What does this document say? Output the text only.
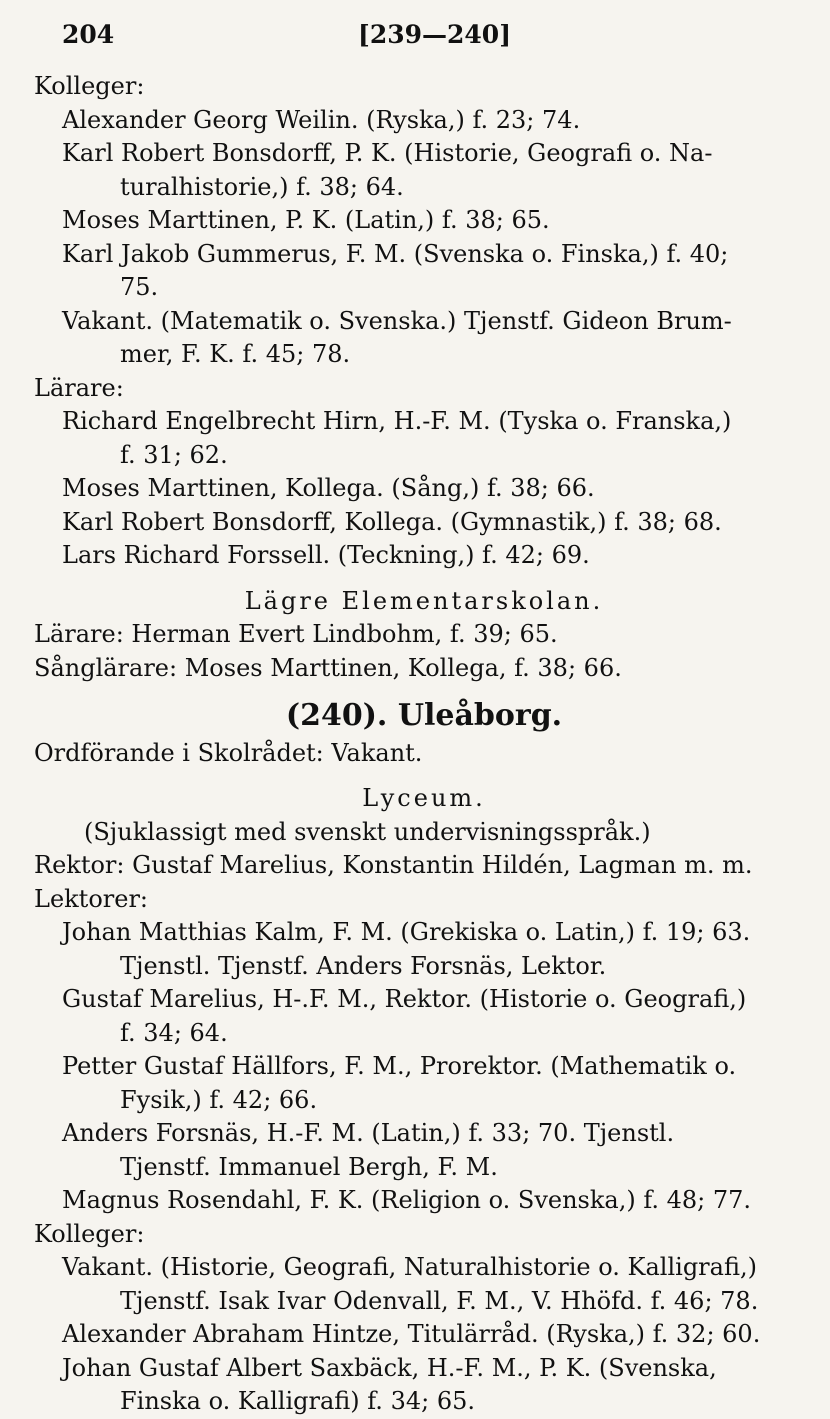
204	[239—240]
Kolleger:
Alexander Georg Weilin. (Ryska,) f. 23; 74.
Karl Robert Bonsdorff, P. K. (Historie, Geografi o. Na-
turalhistorie,) f. 38; 64.
Moses Marttinen, P. K. (Latin,) f. 38; 65.
Karl Jakob Gummerus, F. M. (Svenska o. Finska,) f. 40;
75.
Vakant. (Matematik o. Svenska.) Tjenstf. Gideon Brum-
mer, F. K. f. 45; 78.
Lärare:
Richard Engelbrecht Hirn, H.-F. M. (Tyska o. Franska,)
f. 31; 62.
Moses Marttinen, Kollega. (Sång,) f. 38; 66.
Karl Robert Bonsdorff, Kollega. (Gymnastik,) f. 38; 68.
Lars Richard Forssell. (Teckning,) f. 42; 69.
Lägre Elementarskolan.
Lärare: Herman Evert Lindbohm, f. 39; 65.
Sånglärare: Moses Marttinen, Kollega, f. 38; 66.
(240). Uleåborg.
Ordförande i Skolrådet: Vakant.
Lyceum.
(Sjuklassigt med svenskt undervisningsspråk.)
Rektor: Gustaf Marelius, Konstantin Hildén, Lagman m. m.
Lektorer:
Johan Matthias Kalm, F. M. (Grekiska o. Latin,) f. 19; 63.
Tjenstl. Tjenstf. Anders Forsnäs, Lektor.
Gustaf Marelius, H-.F. M., Rektor. (Historie o. Geografi,)
f. 34; 64.
Petter Gustaf Hällfors, F. M., Prorektor. (Mathematik o.
Fysik,) f. 42; 66.
Anders Forsnäs, H.-F. M. (Latin,) f. 33; 70. Tjenstl.
Tjenstf. Immanuel Bergh, F. M.
Magnus Rosendahl, F. K. (Religion o. Svenska,) f. 48; 77.
Kolleger:
Vakant. (Historie, Geografi, Naturalhistorie o. Kalligrafi,)
Tjenstf. Isak Ivar Odenvall, F. M., V. Hhöfd. f. 46; 78.
Alexander Abraham Hintze, Titulärråd. (Ryska,) f. 32; 60.
Johan Gustaf Albert Saxbäck, H.-F. M., P. K. (Svenska,
Finska o. Kalligrafi) f. 34; 65.
